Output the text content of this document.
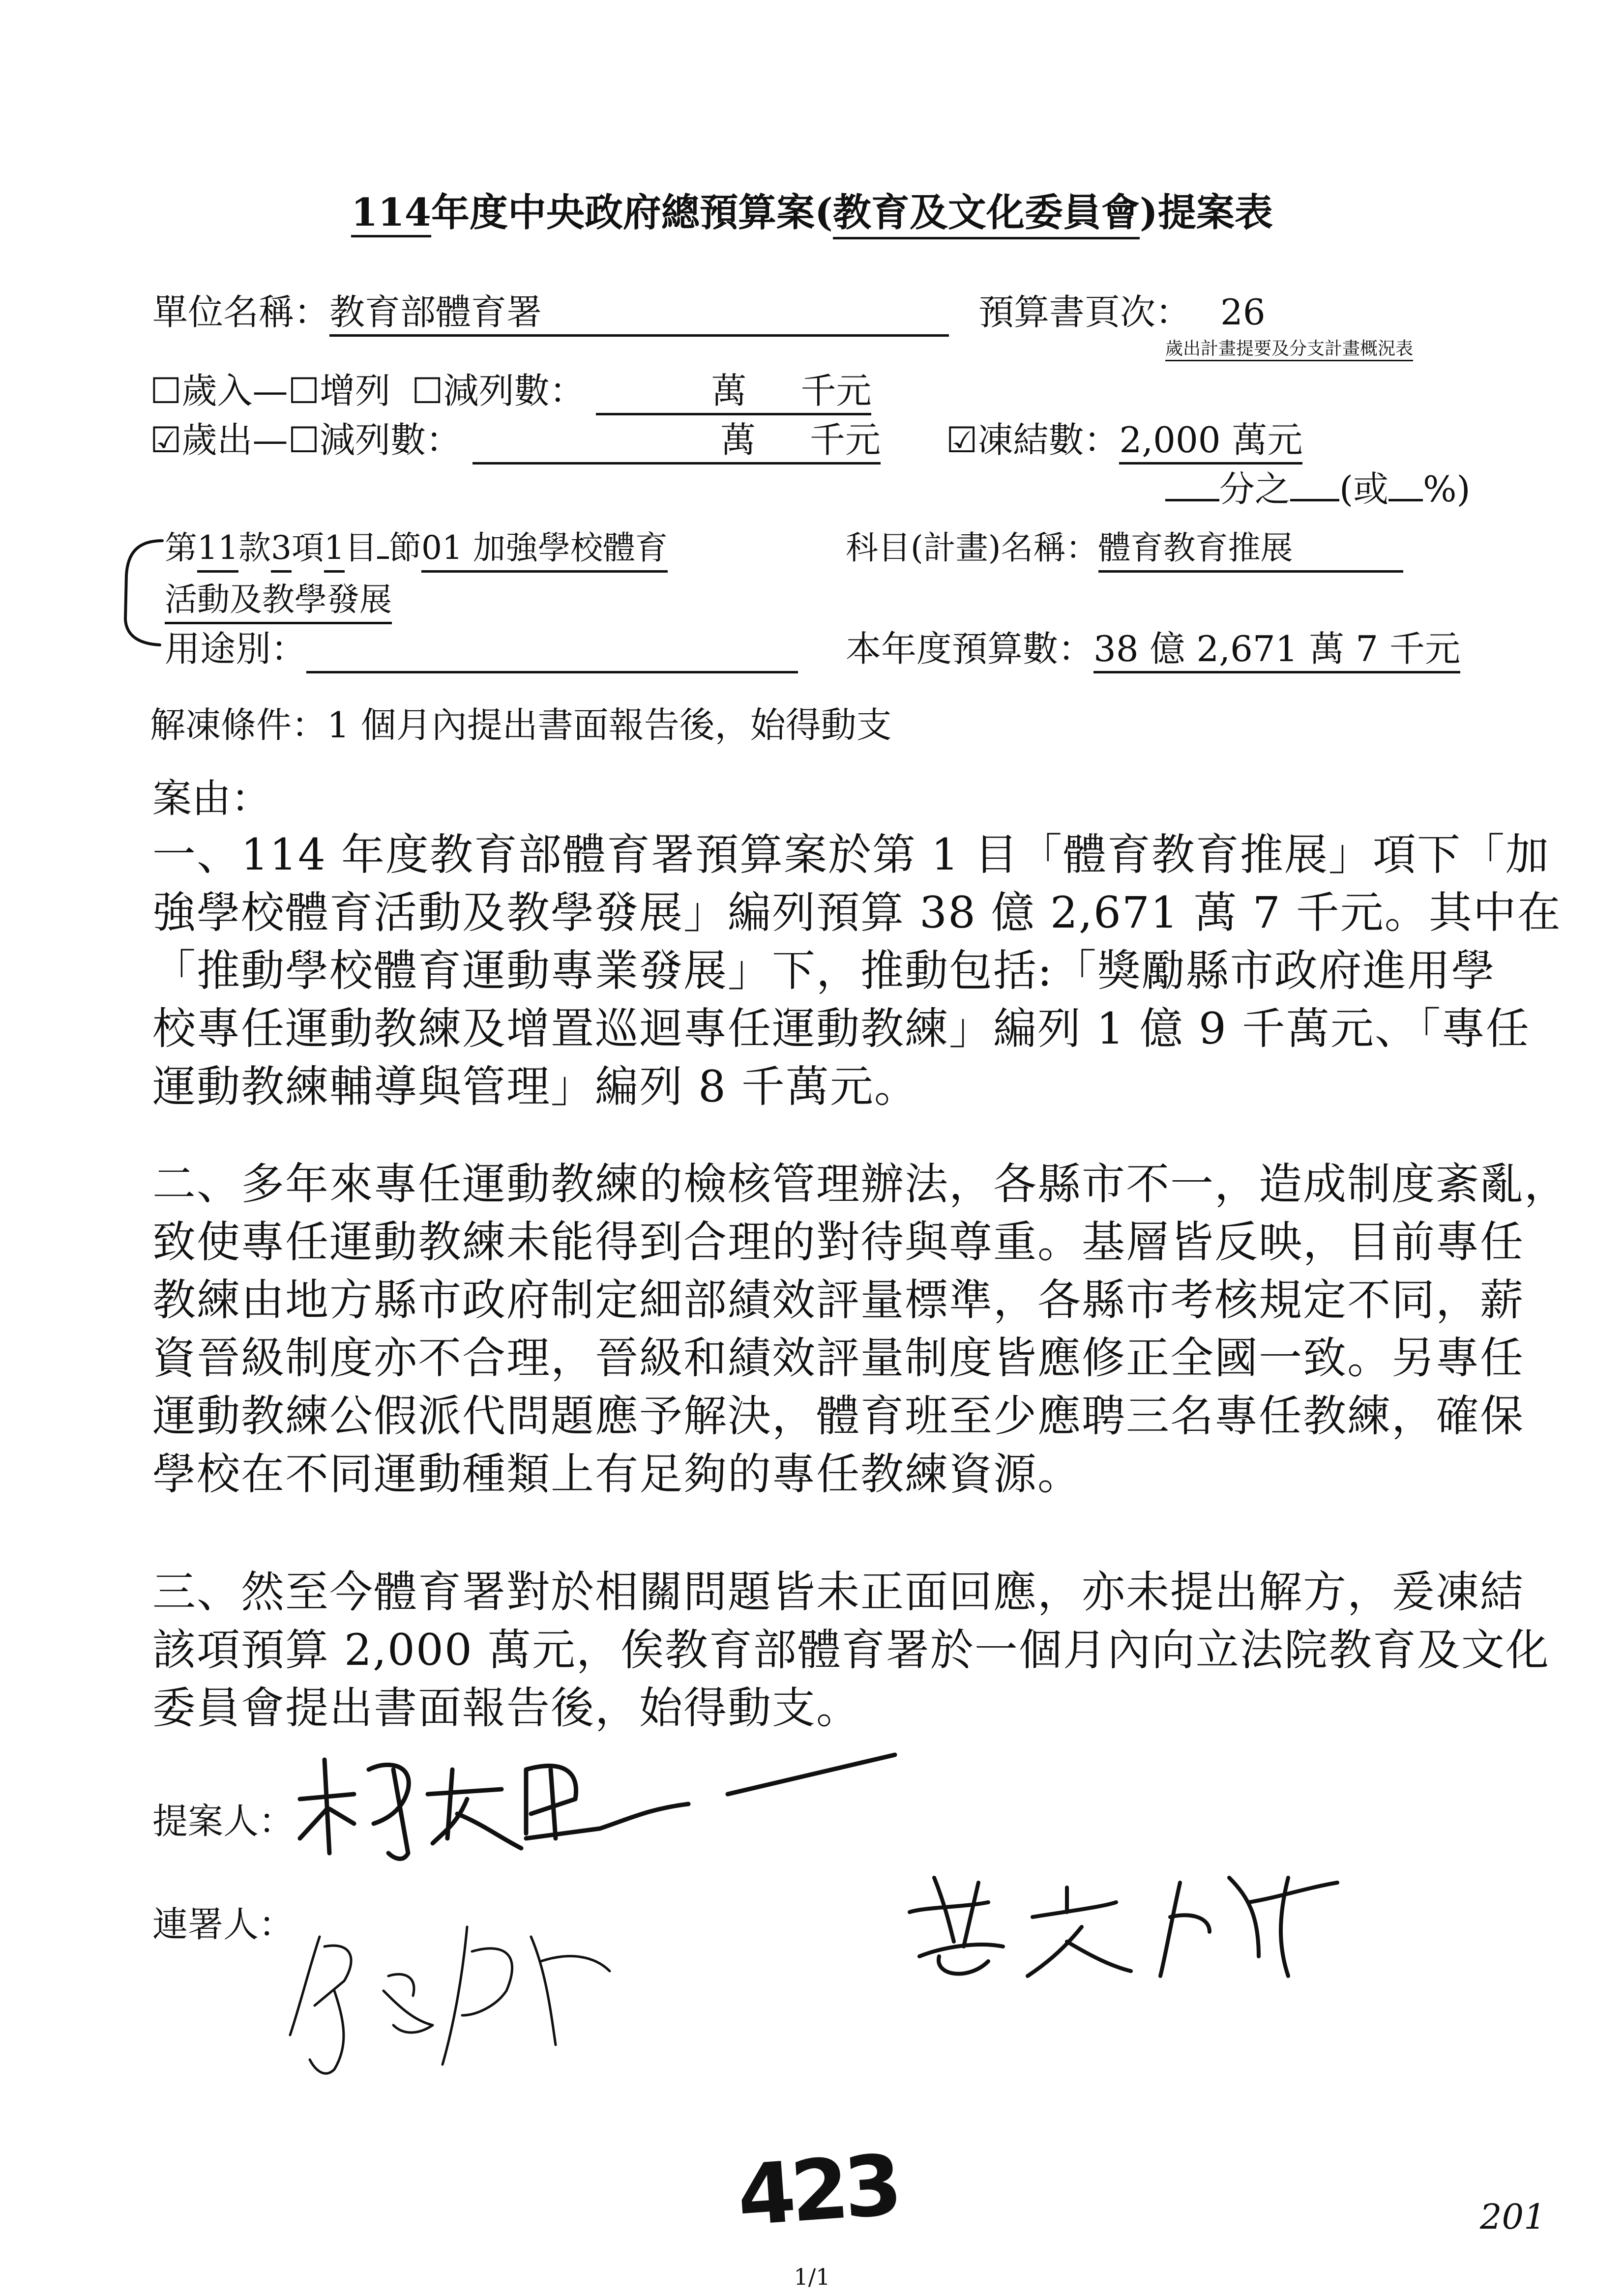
114年度中央政府總預算案(教育及文化委員會)提案表
單位名稱：教育部體育署	預算書頁次： 26
歲出計畫提要及分支計畫概況表
☐歲入—☐增列 ☐減列數：	萬 千元
☑歲出—☐減列數：	萬 千元 ☑凍結數：2,000 萬元
分之 (或 %)
第11款3項1目 節01 加強學校體育	科目(計畫)名稱：體育教育推展
活動及教學發展
用途別：	本年度預算數：38 億 2,671 萬 7 千元
解凍條件：1 個月內提出書面報告後，始得動支
案由：
一、114 年度教育部體育署預算案於第 1 目「體育教育推展」項下「加
強學校體育活動及教學發展」編列預算 38 億 2,671 萬 7 千元。其中在
「推動學校體育運動專業發展」下，推動包括:「獎勵縣市政府進用學
校專任運動教練及增置巡迴專任運動教練」編列 1 億 9 千萬元、「專任
運動教練輔導與管理」編列 8 千萬元。
二、多年來專任運動教練的檢核管理辦法，各縣市不一，造成制度紊亂，
致使專任運動教練未能得到合理的對待與尊重。基層皆反映，目前專任
教練由地方縣市政府制定細部績效評量標準，各縣市考核規定不同，薪
資晉級制度亦不合理，晉級和績效評量制度皆應修正全國一致。另專任
運動教練公假派代問題應予解決，體育班至少應聘三名專任教練，確保
學校在不同運動種類上有足夠的專任教練資源。
三、然至今體育署對於相關問題皆未正面回應，亦未提出解方，爰凍結
該項預算 2,000 萬元，俟教育部體育署於一個月內向立法院教育及文化
委員會提出書面報告後，始得動支。
提案人：
連署人：
423	201
1/1
